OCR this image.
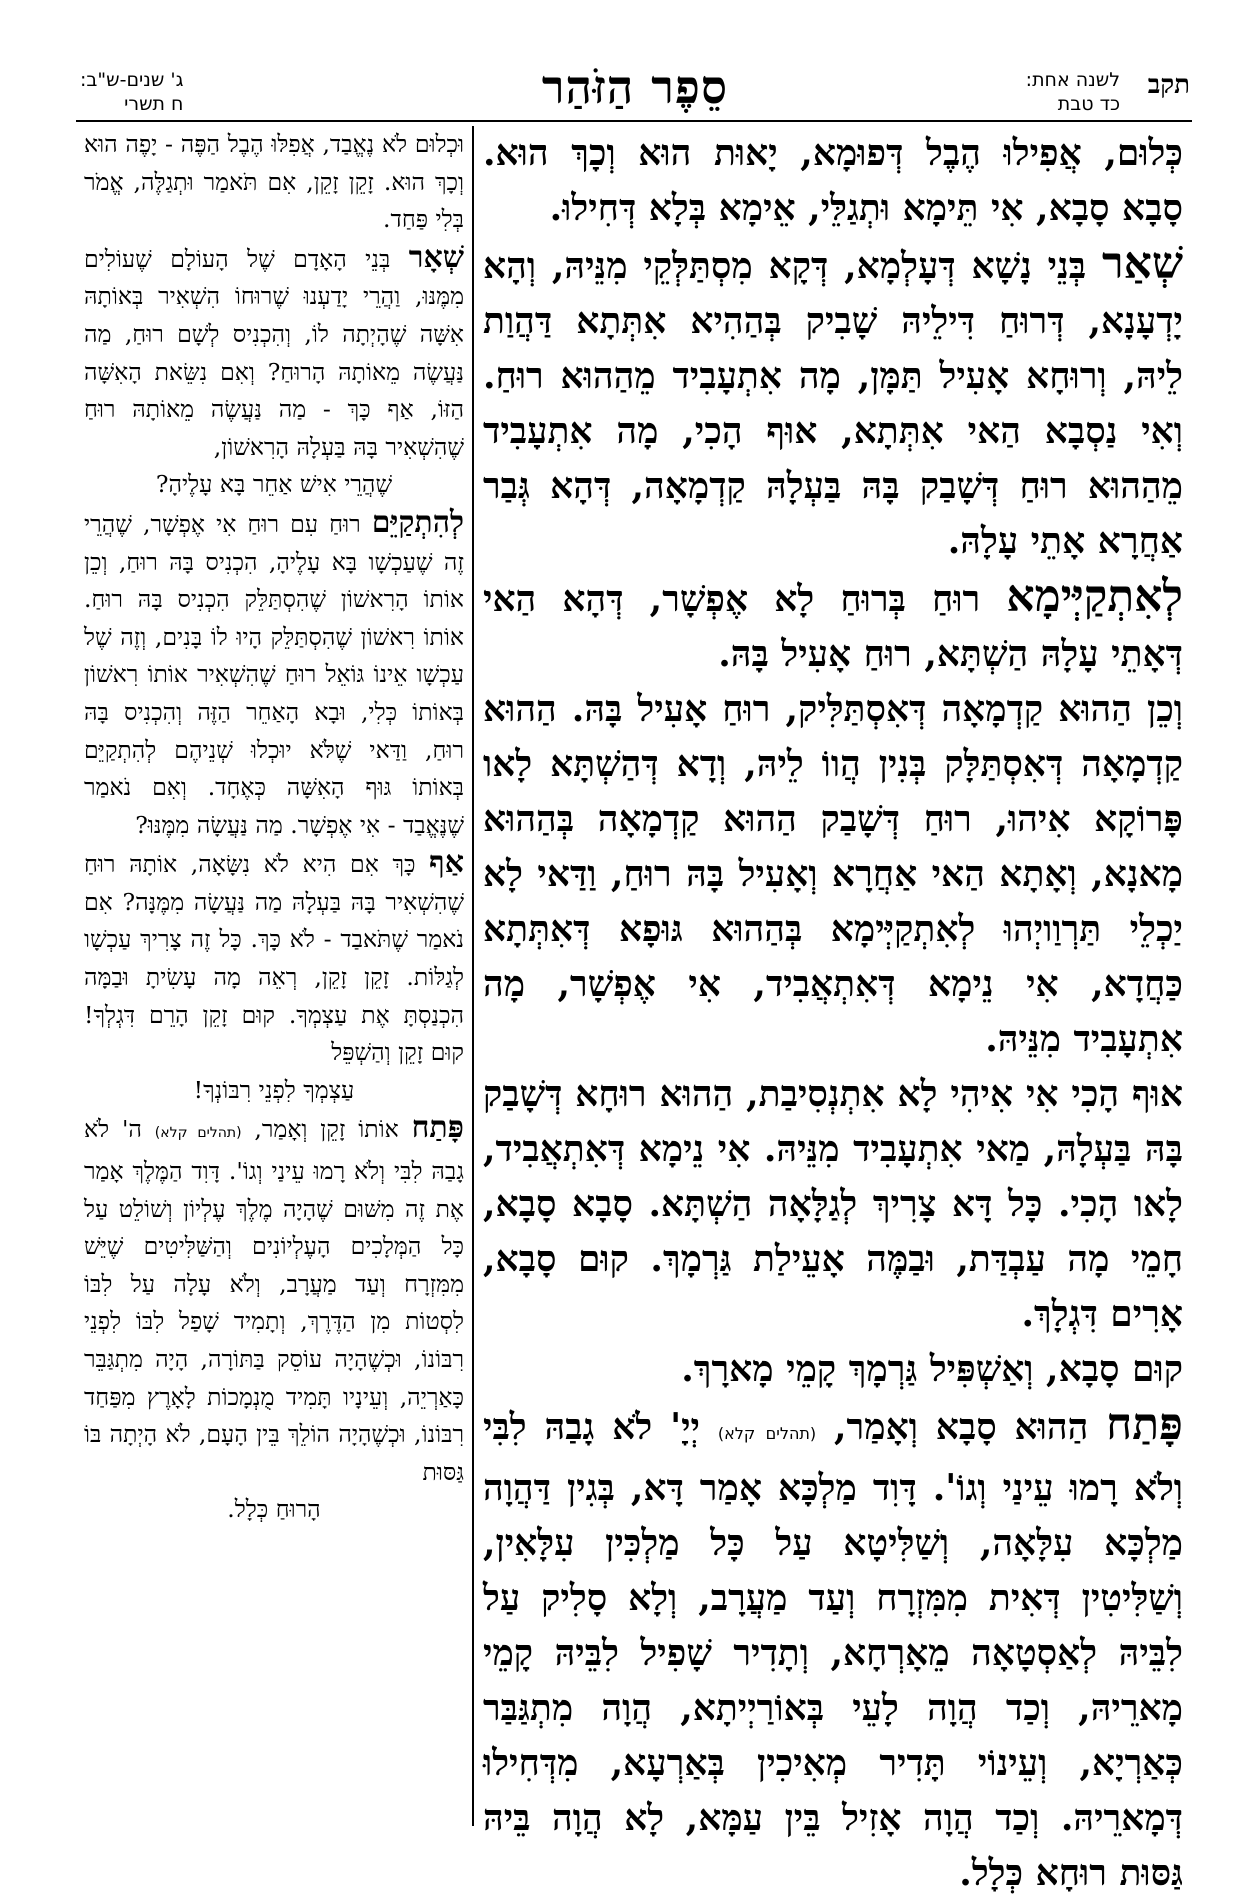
תקב
לשנה אחת:
כד טבת
סֵפֶר הַזֹּהַר
ג' שנים-ש"ב:
ח תשרי

כְּלוּם, אֲפִילוּ הֶבֶל דְּפוּמָא, יָאוּת הוּא וְכָךְ הוּא. סָבָא סָבָא, אִי תֵּימָא וּתְגַלֵּי, אֵימָא בְּלָא דְּחִילוּ.

שְׁאַר בְּנֵי נָשָׁא דְּעָלְמָא, דְּקָא מִסְתַּלְּקֵי מִנֵּיהּ, וְהָא יָדְעָנָא, דְּרוּחַ דִּילֵיהּ שָׁבִיק בְּהַהִיא אִתְּתָא דַּהֲוַת לֵיהּ, וְרוּחָא אָעִיל תַּמָּן, מָה אִתְעָבִיד מֵהַהוּא רוּחַ. וְאִי נַסְבָא הַאי אִתְּתָא, אוּף הָכִי, מָה אִתְעָבִיד מֵהַהוּא רוּחַ דְּשָׁבַק בָּהּ בַּעְלָהּ קַדְמָאָה, דְּהָא גְּבַר אַחֲרָא אָתֵי עָלָהּ.

לְאִתְקַיְּימָא רוּחַ בְּרוּחַ לָא אֶפְשָׁר, דְּהָא הַאי דְּאָתֵי עָלָהּ הַשְׁתָּא, רוּחַ אָעִיל בָּהּ.

וְכֵן הַהוּא קַדְמָאָה דְּאִסְתַּלִּיק, רוּחַ אָעִיל בָּהּ. הַהוּא קַדְמָאָה דְּאִסְתַּלָּק בְּנִין הֲווֹ לֵיהּ, וְדָא דְּהַשְׁתָּא לָאו פָּרוֹקָא אִיהוּ, רוּחַ דְּשָׁבַק הַהוּא קַדְמָאָה בְּהַהוּא מָאנָא, וְאָתָא הַאי אַחֲרָא וְאָעִיל בָּהּ רוּחַ, וַדַּאי לָא יַכְלֵי תַּרְוַויְהוּ לְאִתְקַיְּימָא בְּהַהוּא גּוּפָא דְּאִתְּתָא כַּחֲדָא, אִי נֵימָא דְּאִתְאֲבִיד, אִי אֶפְשָׁר, מָה אִתְעָבִיד מִנֵּיהּ.

אוּף הָכִי אִי אִיהִי לָא אִתְנְסִיבַת, הַהוּא רוּחָא דְּשָׁבַק בָּהּ בַּעְלָהּ, מַאי אִתְעָבִיד מִנֵּיהּ. אִי נֵימָא דְּאִתְאֲבִיד, לָאו הָכִי. כָּל דָּא צָרִיךְ לְגַלָּאָה הַשְׁתָּא. סָבָא סָבָא, חָמֵי מָה עַבְדַּת, וּבַמֶּה אָעֵילַת גַּרְמָךְ. קוּם סָבָא, אָרִים דִּגְלָךְ.

קוּם סָבָא, וְאַשְׁפִּיל גַּרְמָךְ קָמֵי מָארָךְ.

פָּתַח הַהוּא סָבָא וְאָמַר, (תהלים קלא) יְיָ' לֹא גָבַהּ לִבִּי וְלֹא רָמוּ עֵינַי וְגוֹ'. דָּוִד מַלְכָּא אָמַר דָּא, בְּגִין דַּהֲוָה מַלְכָּא עִלָּאָה, וְשַׁלִּיטָא עַל כָּל מַלְכִּין עִלָּאִין, וְשַׁלִּיטִין דְּאִית מִמִּזְרָח וְעַד מַעֲרָב, וְלָא סָלִיק עַל לִבֵּיהּ לְאַסְטָאָה מֵאָרְחָא, וְתָדִיר שָׁפִיל לִבֵּיהּ קָמֵי מָארֵיהּ, וְכַד הֲוָה לָעֵי בְּאוֹרַיְיתָא, הֲוָה מִתְגַּבַּר כְּאַרְיָא, וְעֵינוֹי תָּדִיר מְאִיכִין בְּאַרְעָא, מִדְּחִילוּ דְּמָארֵיהּ. וְכַד הֲוָה אָזִיל בֵּין עַמָּא, לָא הֲוָה בֵּיהּ גַּסּוּת רוּחָא כְּלָל.

וּכְלוּם לֹא נֶאֱבַד, אֲפִלּוּ הֶבֶל הַפֶּה - יָפֶה הוּא וְכָךְ הוּא. זָקֵן זָקֵן, אִם תֹּאמַר וּתְגַלֶּה, אֱמֹר בְּלִי פַּחַד.

שְׁאָר בְּנֵי הָאָדָם שֶׁל הָעוֹלָם שֶׁעוֹלִים מִמֶּנּוּ, וַהֲרֵי יָדַעְנוּ שֶׁרוּחוֹ הִשְׁאִיר בְּאוֹתָהּ אִשָּׁה שֶׁהָיְתָה לוֹ, וְהִכְנִיס לְשָׁם רוּחַ, מַה נַּעֲשֶׂה מֵאוֹתָהּ הָרוּחַ? וְאִם נִשֵּׂאת הָאִשָּׁה הַזּוֹ, אַף כָּךְ - מַה נַּעֲשֶׂה מֵאוֹתָהּ רוּחַ שֶׁהִשְׁאִיר בָּהּ בַּעְלָהּ הָרִאשׁוֹן,

שֶׁהֲרֵי אִישׁ אַחֵר בָּא עָלֶיהָ?

לְהִתְקַיֵּם רוּחַ עִם רוּחַ אִי אֶפְשָׁר, שֶׁהֲרֵי זֶה שֶׁעַכְשָׁו בָּא עָלֶיהָ, הִכְנִיס בָּהּ רוּחַ, וְכֵן אוֹתוֹ הָרִאשׁוֹן שֶׁהִסְתַּלֵּק הִכְנִיס בָּהּ רוּחַ. אוֹתוֹ רִאשׁוֹן שֶׁהִסְתַּלֵּק הָיוּ לוֹ בָּנִים, וְזֶה שֶׁל עַכְשָׁו אֵינוֹ גּוֹאֵל רוּחַ שֶׁהִשְׁאִיר אוֹתוֹ רִאשׁוֹן בְּאוֹתוֹ כְּלִי, וּבָא הָאַחֵר הַזֶּה וְהִכְנִיס בָּהּ רוּחַ, וַדַּאי שֶׁלֹּא יוּכְלוּ שְׁנֵיהֶם לְהִתְקַיֵּם בְּאוֹתוֹ גּוּף הָאִשָּׁה כְּאֶחָד. וְאִם נֹאמַר שֶׁנֶּאֱבַד - אִי אֶפְשָׁר. מַה נַּעֲשָׂה מִמֶּנּוּ?

אַף כָּךְ אִם הִיא לֹא נִשָּׂאָה, אוֹתָהּ רוּחַ שֶׁהִשְׁאִיר בָּהּ בַּעְלָהּ מַה נַּעֲשָׂה מִמֶּנָּה? אִם נֹאמַר שֶׁתֹּאבַד - לֹא כָּךְ. כָּל זֶה צָרִיךְ עַכְשָׁו לְגַלּוֹת. זָקֵן זָקֵן, רְאֵה מָה עָשִׂיתָ וּבַמָּה הִכְנַסְתָּ אֶת עַצְמְךָ. קוּם זָקֵן הָרֵם דִּגְלְךָ! קוּם זָקֵן וְהַשְׁפֵּל

עַצְמְךָ לִפְנֵי רִבּוֹנְךָ!

פָּתַח אוֹתוֹ זָקֵן וְאָמַר, (תהלים קלא) ה' לֹא גָבַהּ לִבִּי וְלֹא רָמוּ עֵינַי וְגוֹ'. דָּוִד הַמֶּלֶךְ אָמַר אֶת זֶה מִשּׁוּם שֶׁהָיָה מֶלֶךְ עֶלְיוֹן וְשׁוֹלֵט עַל כָּל הַמְּלָכִים הָעֶלְיוֹנִים וְהַשַּׁלִּיטִים שֶׁיֵּשׁ מִמִּזְרָח וְעַד מַעֲרָב, וְלֹא עָלָה עַל לִבּוֹ לִסְטוֹת מִן הַדֶּרֶךְ, וְתָמִיד שָׁפַל לִבּוֹ לִפְנֵי רִבּוֹנוֹ, וּכְשֶׁהָיָה עוֹסֵק בַּתּוֹרָה, הָיָה מִתְגַּבֵּר כָּאַרְיֵה, וְעֵינָיו תָּמִיד מֻנְמָכוֹת לָאָרֶץ מִפַּחַד רִבּוֹנוֹ, וּכְשֶׁהָיָה הוֹלֵךְ בֵּין הָעָם, לֹא הָיְתָה בּוֹ גַּסּוּת

הָרוּחַ כְּלָל.
